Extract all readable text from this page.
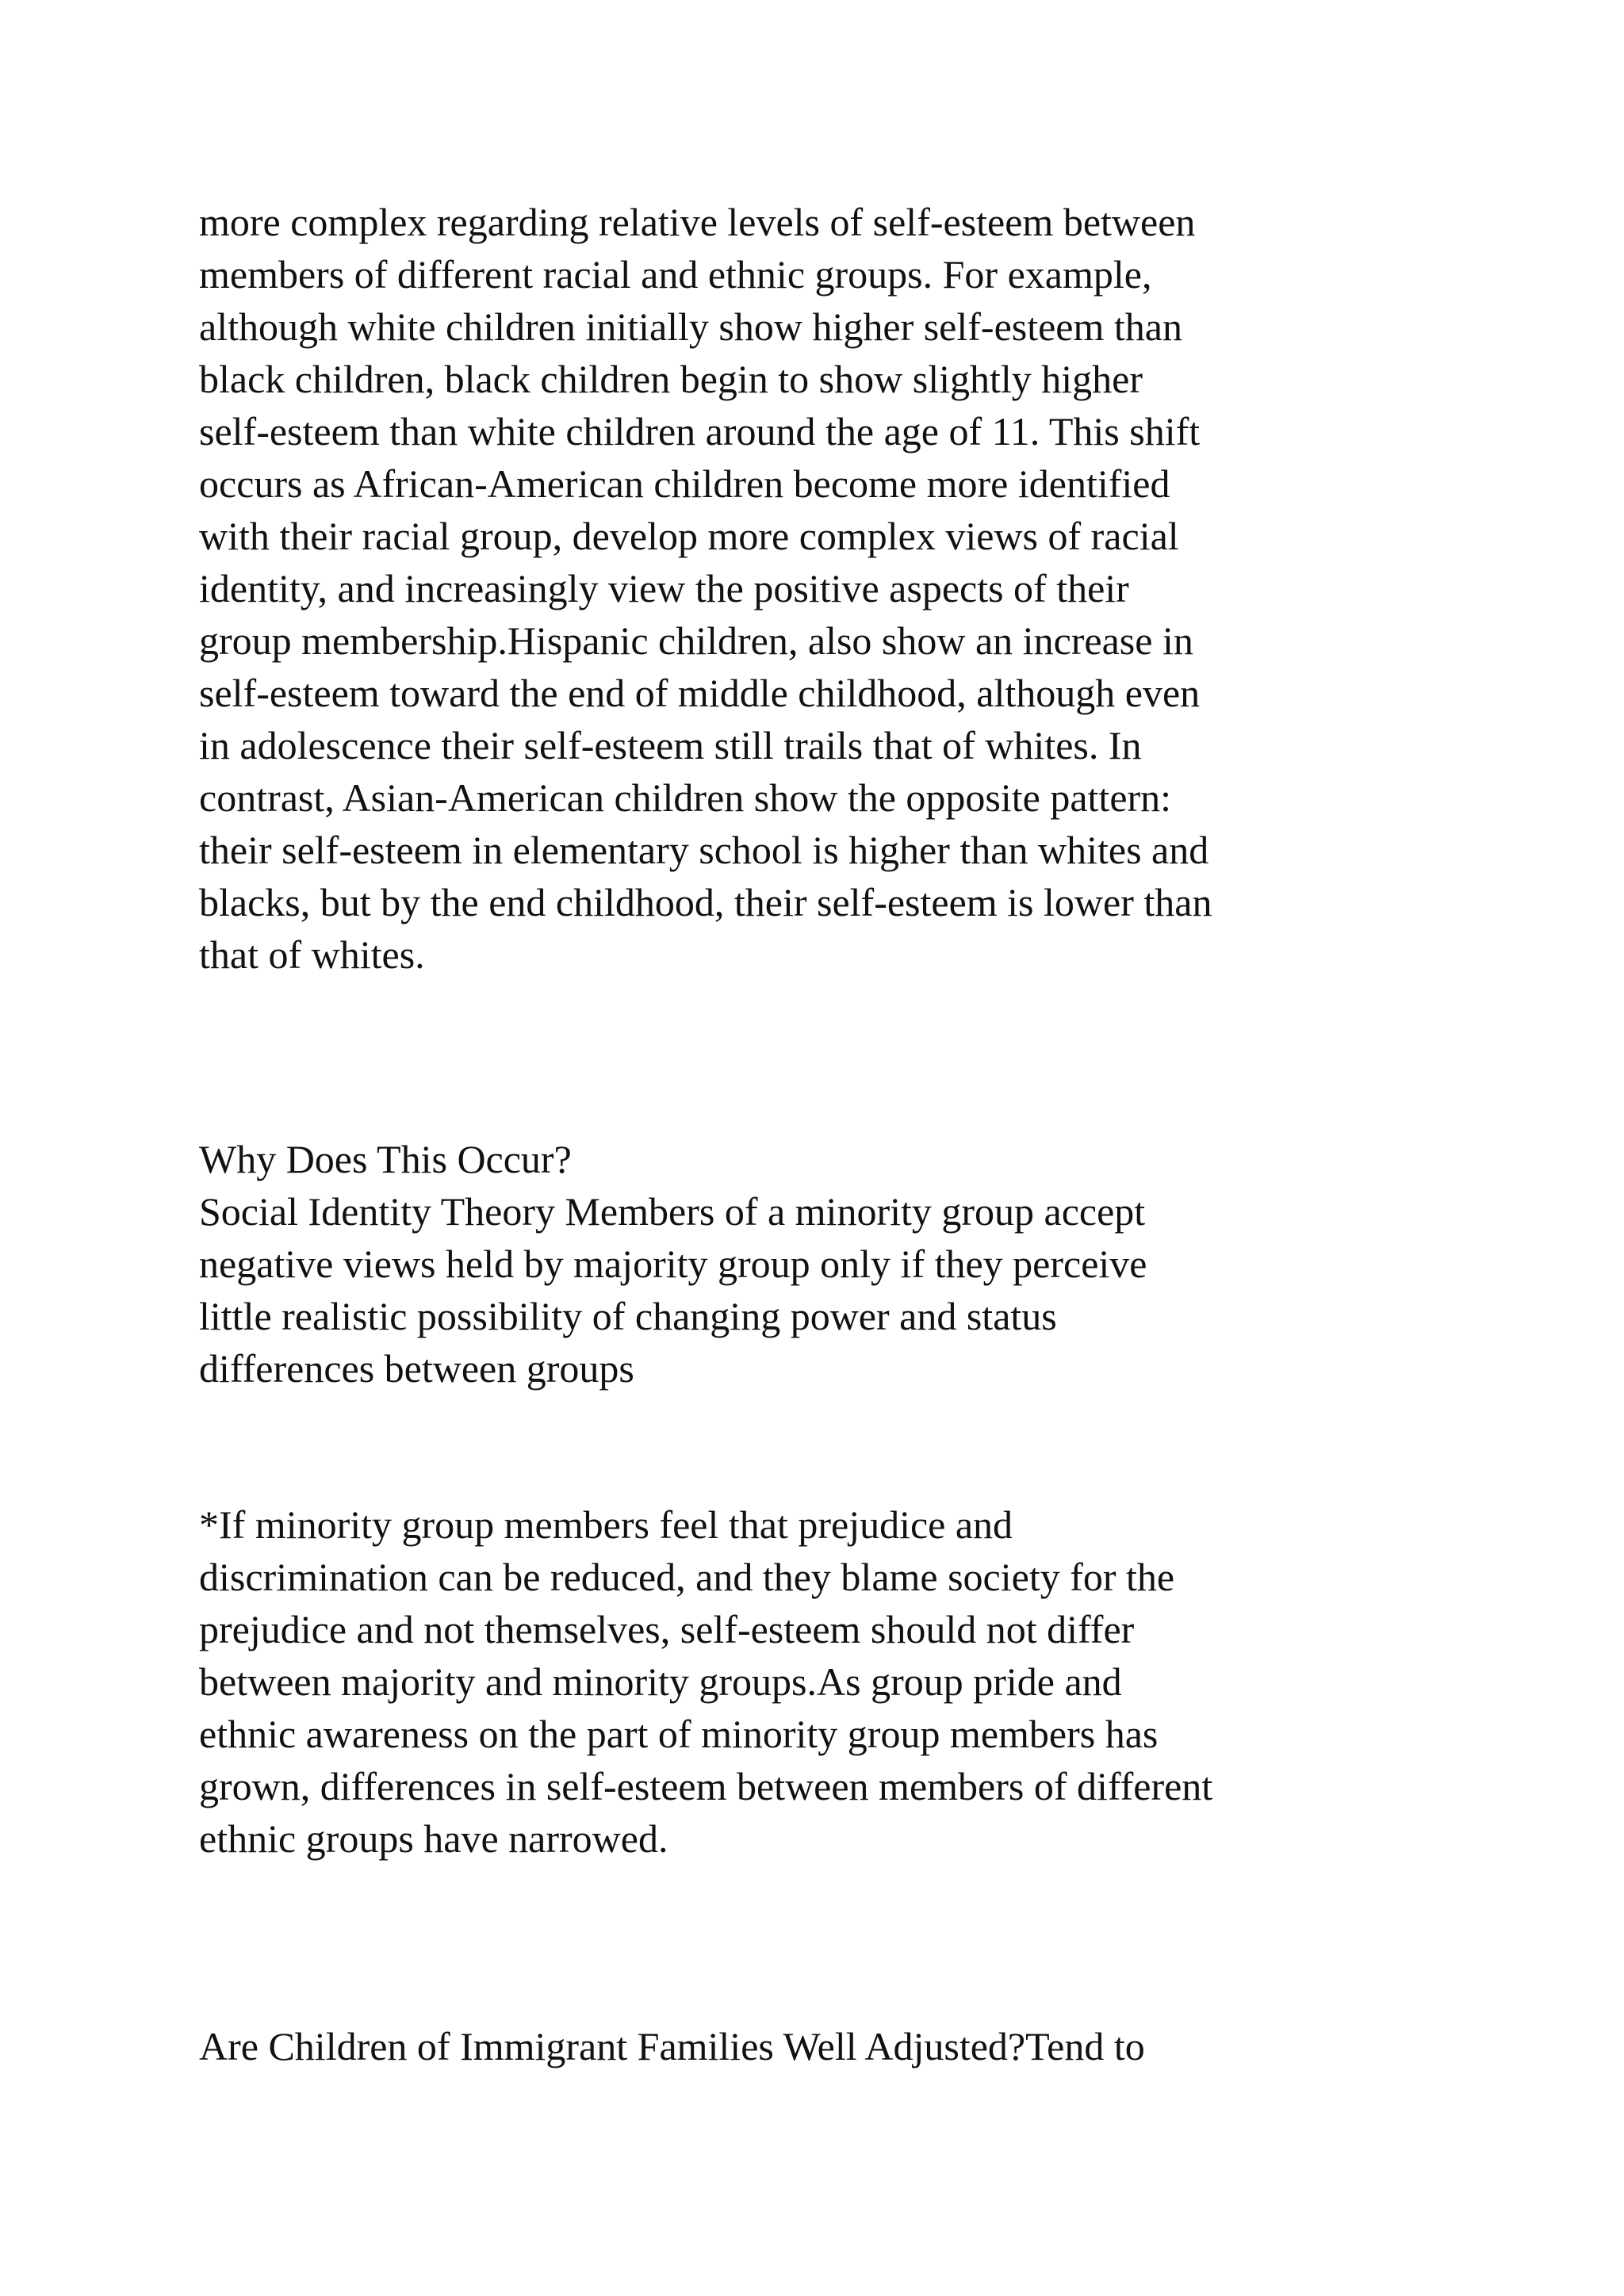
more complex regarding relative levels of self-esteem between
members of different racial and ethnic groups. For example,
although white children initially show higher self-esteem than
black children, black children begin to show slightly higher
self-esteem than white children around the age of 11. This shift
occurs as African-American children become more identified
with their racial group, develop more complex views of racial
identity, and increasingly view the positive aspects of their
group membership.Hispanic children, also show an increase in
self-esteem toward the end of middle childhood, although even
in adolescence their self-esteem still trails that of whites. In
contrast, Asian-American children show the opposite pattern:
their self-esteem in elementary school is higher than whites and
blacks, but by the end childhood, their self-esteem is lower than
that of whites.
Why Does This Occur?
Social Identity Theory Members of a minority group accept
negative views held by majority group only if they perceive
little realistic possibility of changing power and status
differences between groups
*If minority group members feel that prejudice and
discrimination can be reduced, and they blame society for the
prejudice and not themselves, self-esteem should not differ
between majority and minority groups.As group pride and
ethnic awareness on the part of minority group members has
grown, differences in self-esteem between members of different
ethnic groups have narrowed.
Are Children of Immigrant Families Well Adjusted?Tend to
